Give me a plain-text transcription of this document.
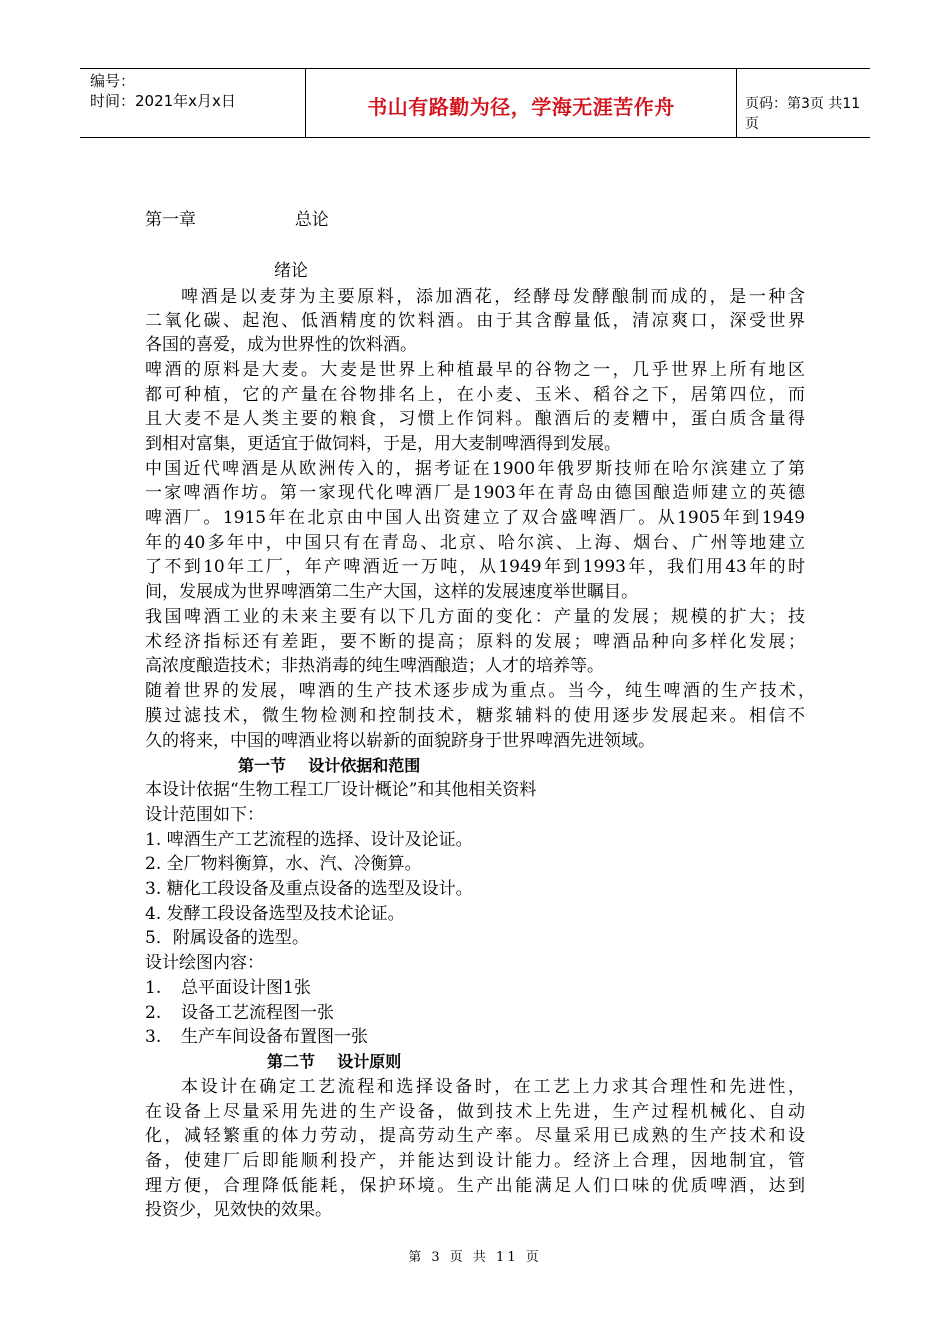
编号：
时间：2021年x月x日	书山有路勤为径，学海无涯苦作舟	页码：第3页 共11页
第一章	总论
绪论
啤酒是以麦芽为主要原料，添加酒花，经酵母发酵酿制而成的，是一种含
二氧化碳、起泡、低酒精度的饮料酒。由于其含醇量低，清凉爽口，深受世界
各国的喜爱，成为世界性的饮料酒。
啤酒的原料是大麦。大麦是世界上种植最早的谷物之一，几乎世界上所有地区
都可种植，它的产量在谷物排名上，在小麦、玉米、稻谷之下，居第四位，而
且大麦不是人类主要的粮食，习惯上作饲料。酿酒后的麦糟中，蛋白质含量得
到相对富集，更适宜于做饲料，于是，用大麦制啤酒得到发展。
中国近代啤酒是从欧洲传入的，据考证在1900年俄罗斯技师在哈尔滨建立了第
一家啤酒作坊。第一家现代化啤酒厂是1903年在青岛由德国酿造师建立的英德
啤酒厂。1915年在北京由中国人出资建立了双合盛啤酒厂。从1905年到1949
年的40多年中，中国只有在青岛、北京、哈尔滨、上海、烟台、广州等地建立
了不到10年工厂，年产啤酒近一万吨，从1949年到1993年，我们用43年的时
间，发展成为世界啤酒第二生产大国，这样的发展速度举世瞩目。
我国啤酒工业的未来主要有以下几方面的变化：产量的发展；规模的扩大；技
术经济指标还有差距，要不断的提高；原料的发展；啤酒品种向多样化发展；
高浓度酿造技术；非热消毒的纯生啤酒酿造；人才的培养等。
随着世界的发展，啤酒的生产技术逐步成为重点。当今，纯生啤酒的生产技术，
膜过滤技术，微生物检测和控制技术，糖浆辅料的使用逐步发展起来。相信不
久的将来，中国的啤酒业将以崭新的面貌跻身于世界啤酒先进领域。
第一节    设计依据和范围
本设计依据“生物工程工厂设计概论”和其他相关资料
设计范围如下：
1. 啤酒生产工艺流程的选择、设计及论证。
2. 全厂物料衡算，水、汽、冷衡算。
3. 糖化工段设备及重点设备的选型及设计。
4. 发酵工段设备选型及技术论证。
5．附属设备的选型。
设计绘图内容：
1. 总平面设计图1张
2. 设备工艺流程图一张
3. 生产车间设备布置图一张
第二节    设计原则
本设计在确定工艺流程和选择设备时，在工艺上力求其合理性和先进性，
在设备上尽量采用先进的生产设备，做到技术上先进，生产过程机械化、自动
化，减轻繁重的体力劳动，提高劳动生产率。尽量采用已成熟的生产技术和设
备，使建厂后即能顺利投产，并能达到设计能力。经济上合理，因地制宜，管
理方便，合理降低能耗，保护环境。生产出能满足人们口味的优质啤酒，达到
投资少，见效快的效果。
第 3 页 共 11 页
